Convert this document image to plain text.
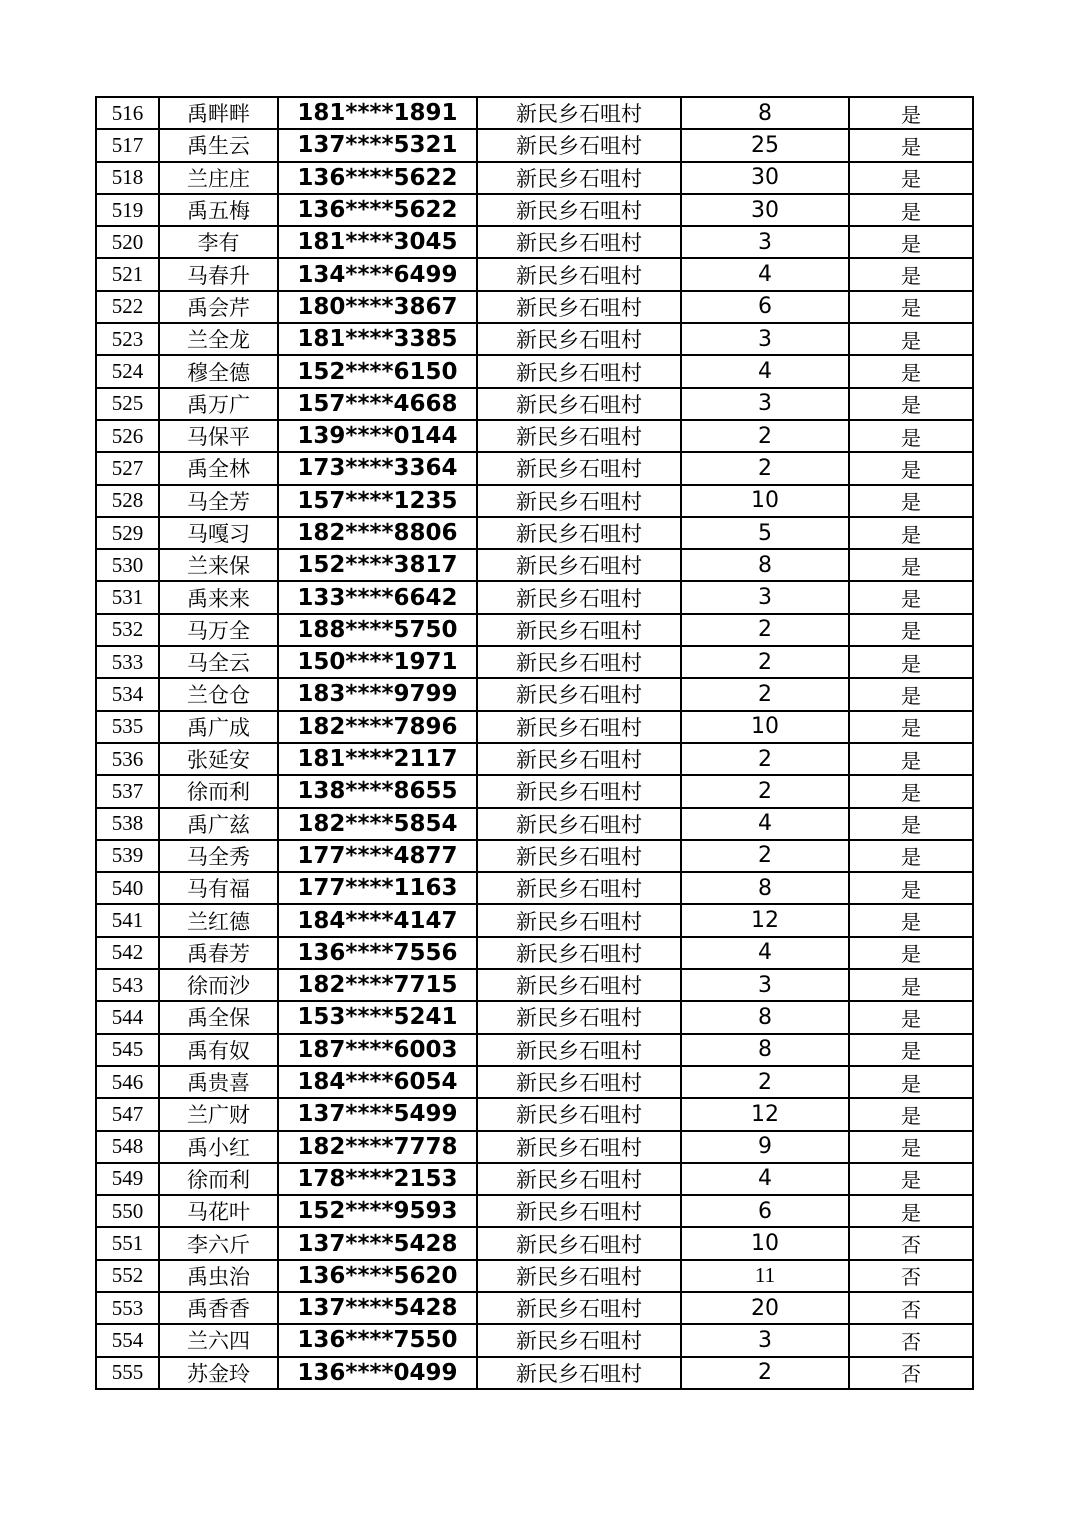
516	禹畔畔	181****1891	新民乡石咀村	8	是
517	禹生云	137****5321	新民乡石咀村	25	是
518	兰庄庄	136****5622	新民乡石咀村	30	是
519	禹五梅	136****5622	新民乡石咀村	30	是
520	李有	181****3045	新民乡石咀村	3	是
521	马春升	134****6499	新民乡石咀村	4	是
522	禹会芹	180****3867	新民乡石咀村	6	是
523	兰全龙	181****3385	新民乡石咀村	3	是
524	穆全德	152****6150	新民乡石咀村	4	是
525	禹万广	157****4668	新民乡石咀村	3	是
526	马保平	139****0144	新民乡石咀村	2	是
527	禹全林	173****3364	新民乡石咀村	2	是
528	马全芳	157****1235	新民乡石咀村	10	是
529	马嘎习	182****8806	新民乡石咀村	5	是
530	兰来保	152****3817	新民乡石咀村	8	是
531	禹来来	133****6642	新民乡石咀村	3	是
532	马万全	188****5750	新民乡石咀村	2	是
533	马全云	150****1971	新民乡石咀村	2	是
534	兰仓仓	183****9799	新民乡石咀村	2	是
535	禹广成	182****7896	新民乡石咀村	10	是
536	张延安	181****2117	新民乡石咀村	2	是
537	徐而利	138****8655	新民乡石咀村	2	是
538	禹广兹	182****5854	新民乡石咀村	4	是
539	马全秀	177****4877	新民乡石咀村	2	是
540	马有福	177****1163	新民乡石咀村	8	是
541	兰红德	184****4147	新民乡石咀村	12	是
542	禹春芳	136****7556	新民乡石咀村	4	是
543	徐而沙	182****7715	新民乡石咀村	3	是
544	禹全保	153****5241	新民乡石咀村	8	是
545	禹有奴	187****6003	新民乡石咀村	8	是
546	禹贵喜	184****6054	新民乡石咀村	2	是
547	兰广财	137****5499	新民乡石咀村	12	是
548	禹小红	182****7778	新民乡石咀村	9	是
549	徐而利	178****2153	新民乡石咀村	4	是
550	马花叶	152****9593	新民乡石咀村	6	是
551	李六斤	137****5428	新民乡石咀村	10	否
552	禹虫治	136****5620	新民乡石咀村	11	否
553	禹香香	137****5428	新民乡石咀村	20	否
554	兰六四	136****7550	新民乡石咀村	3	否
555	苏金玲	136****0499	新民乡石咀村	2	否
